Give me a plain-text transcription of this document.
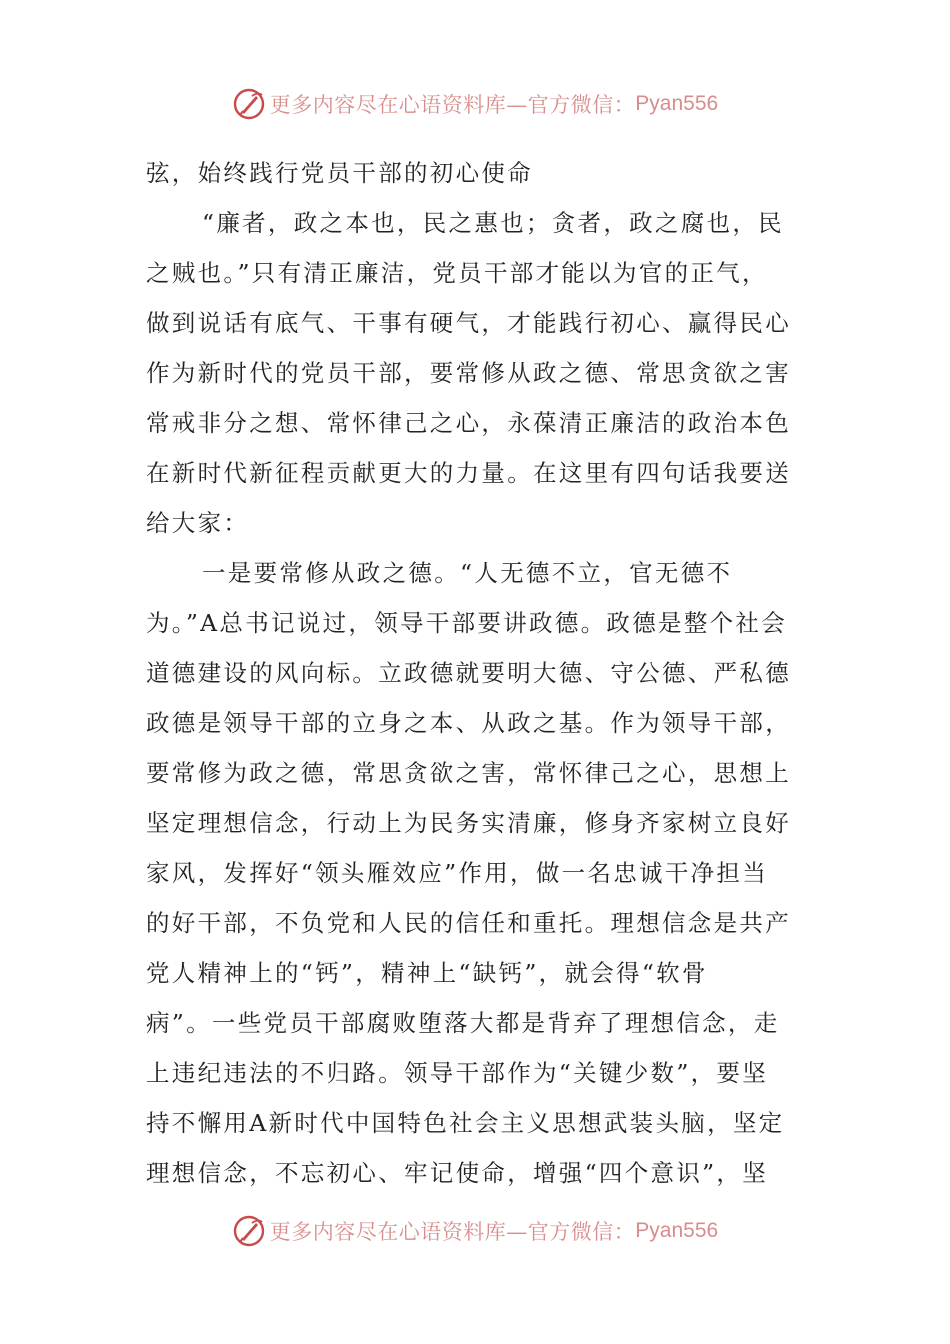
更多内容尽在心语资料库—官方微信： Pyan556
弦，始终践行党员干部的初心使命
“廉者，政之本也，民之惠也；贪者，政之腐也，民
之贼也。”只有清正廉洁，党员干部才能以为官的正气，
做到说话有底气、干事有硬气，才能践行初心、赢得民心
作为新时代的党员干部，要常修从政之德、常思贪欲之害
常戒非分之想、常怀律己之心，永葆清正廉洁的政治本色
在新时代新征程贡献更大的力量。在这里有四句话我要送
给大家：
一是要常修从政之德。“人无德不立，官无德不
为。”A总书记说过，领导干部要讲政德。政德是整个社会
道德建设的风向标。立政德就要明大德、守公德、严私德
政德是领导干部的立身之本、从政之基。作为领导干部，
要常修为政之德，常思贪欲之害，常怀律己之心，思想上
坚定理想信念，行动上为民务实清廉，修身齐家树立良好
家风，发挥好“领头雁效应”作用，做一名忠诚干净担当
的好干部，不负党和人民的信任和重托。理想信念是共产
党人精神上的“钙”，精神上“缺钙”，就会得“软骨
病”。一些党员干部腐败堕落大都是背弃了理想信念，走
上违纪违法的不归路。领导干部作为“关键少数”，要坚
持不懈用A新时代中国特色社会主义思想武装头脑，坚定
理想信念，不忘初心、牢记使命，增强“四个意识”，坚
更多内容尽在心语资料库—官方微信： Pyan556
